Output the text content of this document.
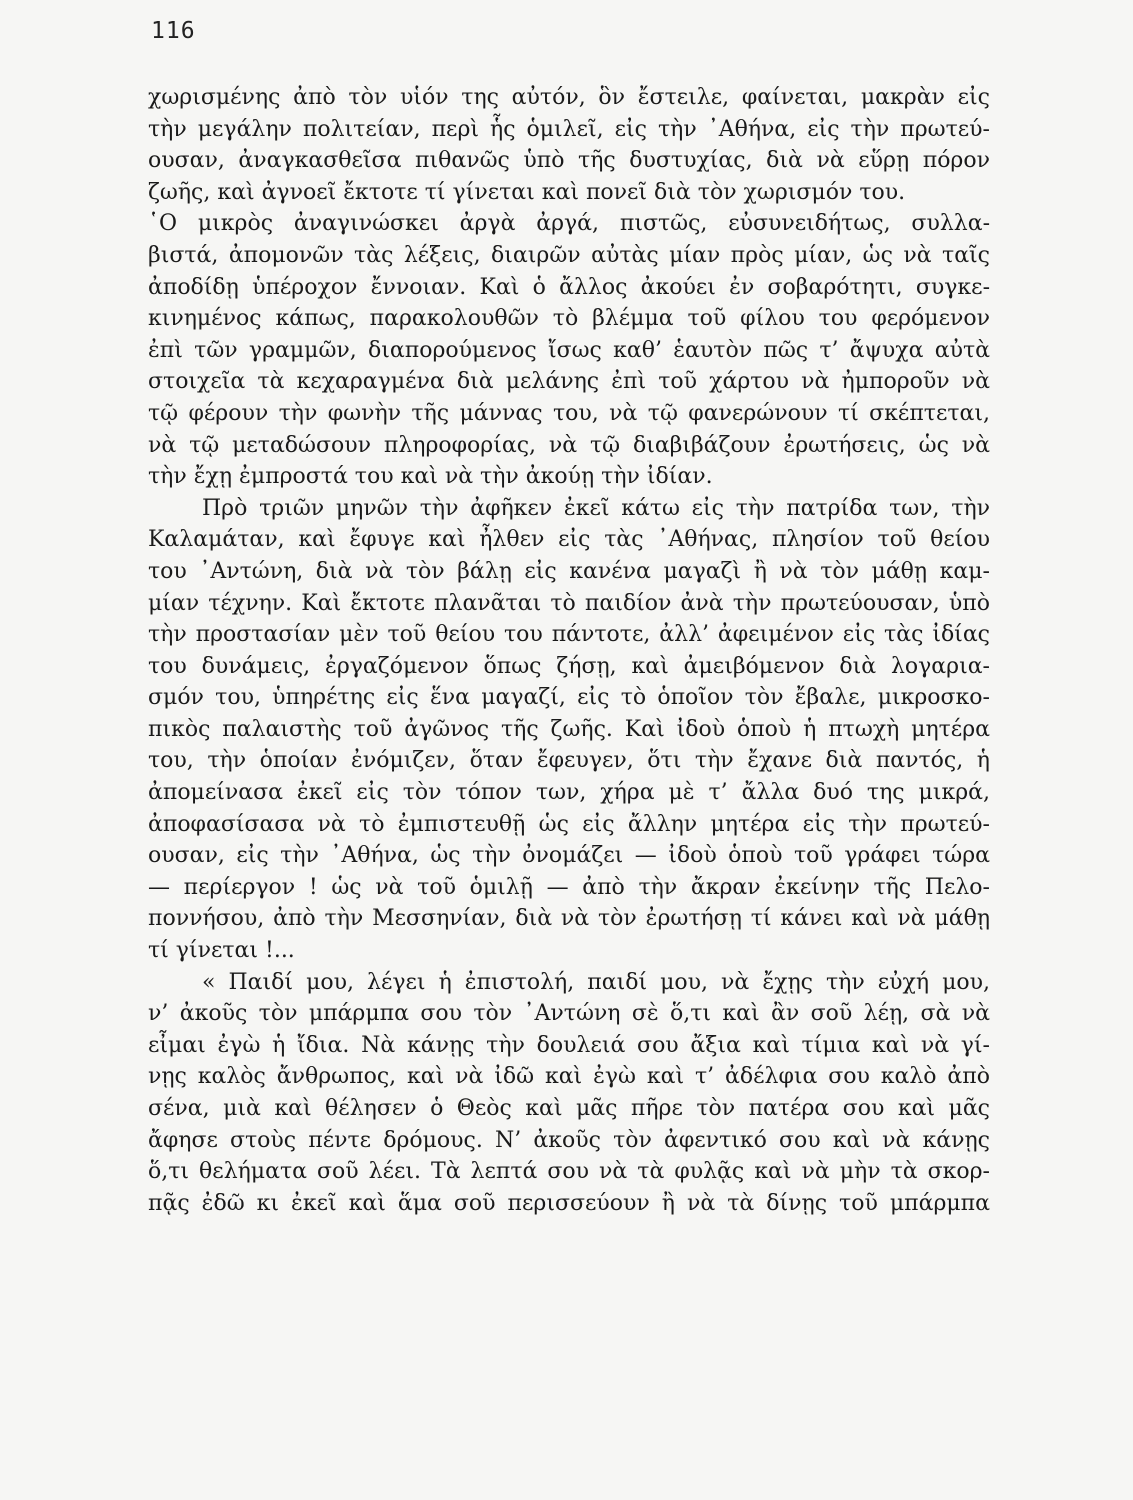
116
χωρισμένης ἀπὸ τὸν υἱόν της αὐτόν, ὃν ἔστειλε, φαίνεται, μακρὰν εἰς
τὴν μεγάλην πολιτείαν, περὶ ἧς ὁμιλεῖ, εἰς τὴν ᾿Αθήνα, εἰς τὴν πρωτεύ-
ουσαν, ἀναγκασθεῖσα πιθανῶς ὑπὸ τῆς δυστυχίας, διὰ νὰ εὕρῃ πόρον
ζωῆς, καὶ ἀγνοεῖ ἔκτοτε τί γίνεται καὶ πονεῖ διὰ τὸν χωρισμόν του.
῾Ο μικρὸς ἀναγινώσκει ἀργὰ ἀργά, πιστῶς, εὐσυνειδήτως, συλλα-
βιστά, ἀπομονῶν τὰς λέξεις, διαιρῶν αὐτὰς μίαν πρὸς μίαν, ὡς νὰ ταῖς
ἀποδίδῃ ὑπέροχον ἔννοιαν. Καὶ ὁ ἄλλος ἀκούει ἐν σοβαρότητι, συγκε-
κινημένος κάπως, παρακολουθῶν τὸ βλέμμα τοῦ φίλου του φερόμενον
ἐπὶ τῶν γραμμῶν, διαπορούμενος ἴσως καθ’ ἑαυτὸν πῶς τ’ ἄψυχα αὐτὰ
στοιχεῖα τὰ κεχαραγμένα διὰ μελάνης ἐπὶ τοῦ χάρτου νὰ ἠμποροῦν νὰ
τῷ φέρουν τὴν φωνὴν τῆς μάννας του, νὰ τῷ φανερώνουν τί σκέπτεται,
νὰ τῷ μεταδώσουν πληροφορίας, νὰ τῷ διαβιβάζουν ἐρωτήσεις, ὡς νὰ
τὴν ἔχῃ ἐμπροστά του καὶ νὰ τὴν ἀκούῃ τὴν ἰδίαν.
Πρὸ τριῶν μηνῶν τὴν ἀφῆκεν ἐκεῖ κάτω εἰς τὴν πατρίδα των, τὴν
Καλαμάταν, καὶ ἔφυγε καὶ ἦλθεν εἰς τὰς ᾿Αθήνας, πλησίον τοῦ θείου
του ᾿Αντώνη, διὰ νὰ τὸν βάλῃ εἰς κανένα μαγαζὶ ἢ νὰ τὸν μάθῃ καμ-
μίαν τέχνην. Καὶ ἔκτοτε πλανᾶται τὸ παιδίον ἀνὰ τὴν πρωτεύουσαν, ὑπὸ
τὴν προστασίαν μὲν τοῦ θείου του πάντοτε, ἀλλ’ ἀφειμένον εἰς τὰς ἰδίας
του δυνάμεις, ἐργαζόμενον ὅπως ζήσῃ, καὶ ἀμειβόμενον διὰ λογαρια-
σμόν του, ὑπηρέτης εἰς ἕνα μαγαζί, εἰς τὸ ὁποῖον τὸν ἔβαλε, μικροσκο-
πικὸς παλαιστὴς τοῦ ἀγῶνος τῆς ζωῆς. Καὶ ἰδοὺ ὁποὺ ἡ πτωχὴ μητέρα
του, τὴν ὁποίαν ἐνόμιζεν, ὅταν ἔφευγεν, ὅτι τὴν ἔχανε διὰ παντός, ἡ
ἀπομείνασα ἐκεῖ εἰς τὸν τόπον των, χήρα μὲ τ’ ἄλλα δυό της μικρά,
ἀποφασίσασα νὰ τὸ ἐμπιστευθῇ ὡς εἰς ἄλλην μητέρα εἰς τὴν πρωτεύ-
ουσαν, εἰς τὴν ᾿Αθήνα, ὡς τὴν ὀνομάζει — ἰδοὺ ὁποὺ τοῦ γράφει τώρα
— περίεργον ! ὡς νὰ τοῦ ὁμιλῇ — ἀπὸ τὴν ἄκραν ἐκείνην τῆς Πελο-
ποννήσου, ἀπὸ τὴν Μεσσηνίαν, διὰ νὰ τὸν ἐρωτήσῃ τί κάνει καὶ νὰ μάθῃ
τί γίνεται !...
« Παιδί μου, λέγει ἡ ἐπιστολή, παιδί μου, νὰ ἔχῃς τὴν εὐχή μου,
ν’ ἀκοῦς τὸν μπάρμπα σου τὸν ᾿Αντώνη σὲ ὅ,τι καὶ ἂν σοῦ λέῃ, σὰ νὰ
εἶμαι ἐγὼ ἡ ἴδια. Νὰ κάνῃς τὴν δουλειά σου ἄξια καὶ τίμια καὶ νὰ γί-
νῃς καλὸς ἄνθρωπος, καὶ νὰ ἰδῶ καὶ ἐγὼ καὶ τ’ ἀδέλφια σου καλὸ ἀπὸ
σένα, μιὰ καὶ θέλησεν ὁ Θεὸς καὶ μᾶς πῆρε τὸν πατέρα σου καὶ μᾶς
ἄφησε στοὺς πέντε δρόμους. Ν’ ἀκοῦς τὸν ἀφεντικό σου καὶ νὰ κάνῃς
ὅ,τι θελήματα σοῦ λέει. Τὰ λεπτά σου νὰ τὰ φυλᾷς καὶ νὰ μὴν τὰ σκορ-
πᾷς ἐδῶ κι ἐκεῖ καὶ ἅμα σοῦ περισσεύουν ἢ νὰ τὰ δίνῃς τοῦ μπάρμπα
